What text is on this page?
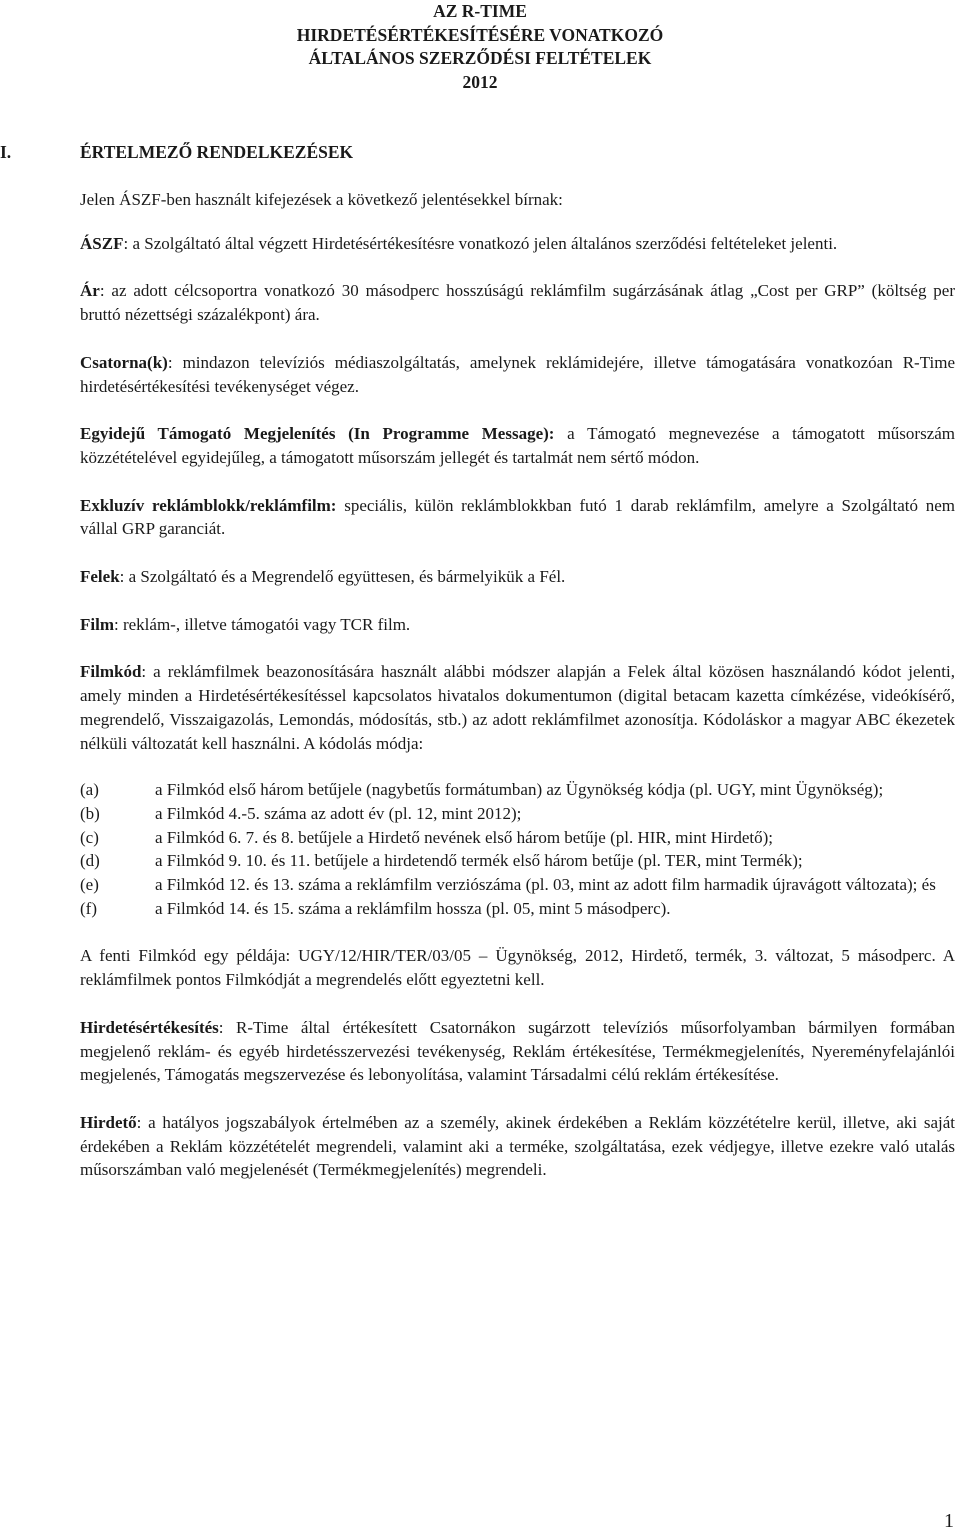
AZ R-TIME
HIRDETÉSÉRTÉKESÍTÉSÉRE VONATKOZÓ
ÁLTALÁNOS SZERZŐDÉSI FELTÉTELEK
2012
I.	ÉRTELMEZŐ RENDELKEZÉSEK

Jelen ÁSZF-ben használt kifejezések a következő jelentésekkel bírnak:

ÁSZF: a Szolgáltató által végzett Hirdetésértékesítésre vonatkozó jelen általános szerződési feltételeket jelenti.

Ár: az adott célcsoportra vonatkozó 30 másodperc hosszúságú reklámfilm sugárzásának átlag „Cost per GRP” (költség per bruttó nézettségi százalékpont) ára.

Csatorna(k): mindazon televíziós médiaszolgáltatás, amelynek reklámidejére, illetve támogatására vonatkozóan R-Time hirdetésértékesítési tevékenységet végez.

Egyidejű Támogató Megjelenítés (In Programme Message): a Támogató megnevezése a támogatott műsorszám közzétételével egyidejűleg, a támogatott műsorszám jellegét és tartalmát nem sértő módon.

Exkluzív reklámblokk/reklámfilm: speciális, külön reklámblokkban futó 1 darab reklámfilm, amelyre a Szolgáltató nem vállal GRP garanciát.

Felek: a Szolgáltató és a Megrendelő együttesen, és bármelyikük a Fél.

Film: reklám-, illetve támogatói vagy TCR film.

Filmkód: a reklámfilmek beazonosítására használt alábbi módszer alapján a Felek által közösen használandó kódot jelenti, amely minden a Hirdetésértékesítéssel kapcsolatos hivatalos dokumentumon (digital betacam kazetta címkézése, videókísérő, megrendelő, Visszaigazolás, Lemondás, módosítás, stb.) az adott reklámfilmet azonosítja. Kódoláskor a magyar ABC ékezetek nélküli változatát kell használni. A kódolás módja:

(a)	a Filmkód első három betűjele (nagybetűs formátumban) az Ügynökség kódja (pl. UGY, mint Ügynökség);
(b)	a Filmkód 4.-5. száma az adott év (pl. 12, mint 2012);
(c)	a Filmkód 6. 7. és 8. betűjele a Hirdető nevének első három betűje (pl. HIR, mint Hirdető);
(d)	a Filmkód 9. 10. és 11. betűjele a hirdetendő termék első három betűje (pl. TER, mint Termék);
(e)	a Filmkód 12. és 13. száma a reklámfilm verziószáma (pl. 03, mint az adott film harmadik újravágott változata); és
(f)	a Filmkód 14. és 15. száma a reklámfilm hossza (pl. 05, mint 5 másodperc).

A fenti Filmkód egy példája: UGY/12/HIR/TER/03/05 – Ügynökség, 2012, Hirdető, termék, 3. változat, 5 másodperc. A reklámfilmek pontos Filmkódját a megrendelés előtt egyeztetni kell.

Hirdetésértékesítés: R-Time által értékesített Csatornákon sugárzott televíziós műsorfolyamban bármilyen formában megjelenő reklám- és egyéb hirdetésszervezési tevékenység, Reklám értékesítése, Termékmegjelenítés, Nyereményfelajánlói megjelenés, Támogatás megszervezése és lebonyolítása, valamint Társadalmi célú reklám értékesítése.

Hirdető: a hatályos jogszabályok értelmében az a személy, akinek érdekében a Reklám közzétételre kerül, illetve, aki saját érdekében a Reklám közzétételét megrendeli, valamint aki a terméke, szolgáltatása, ezek védjegye, illetve ezekre való utalás műsorszámban való megjelenését (Termékmegjelenítés) megrendeli.

1
